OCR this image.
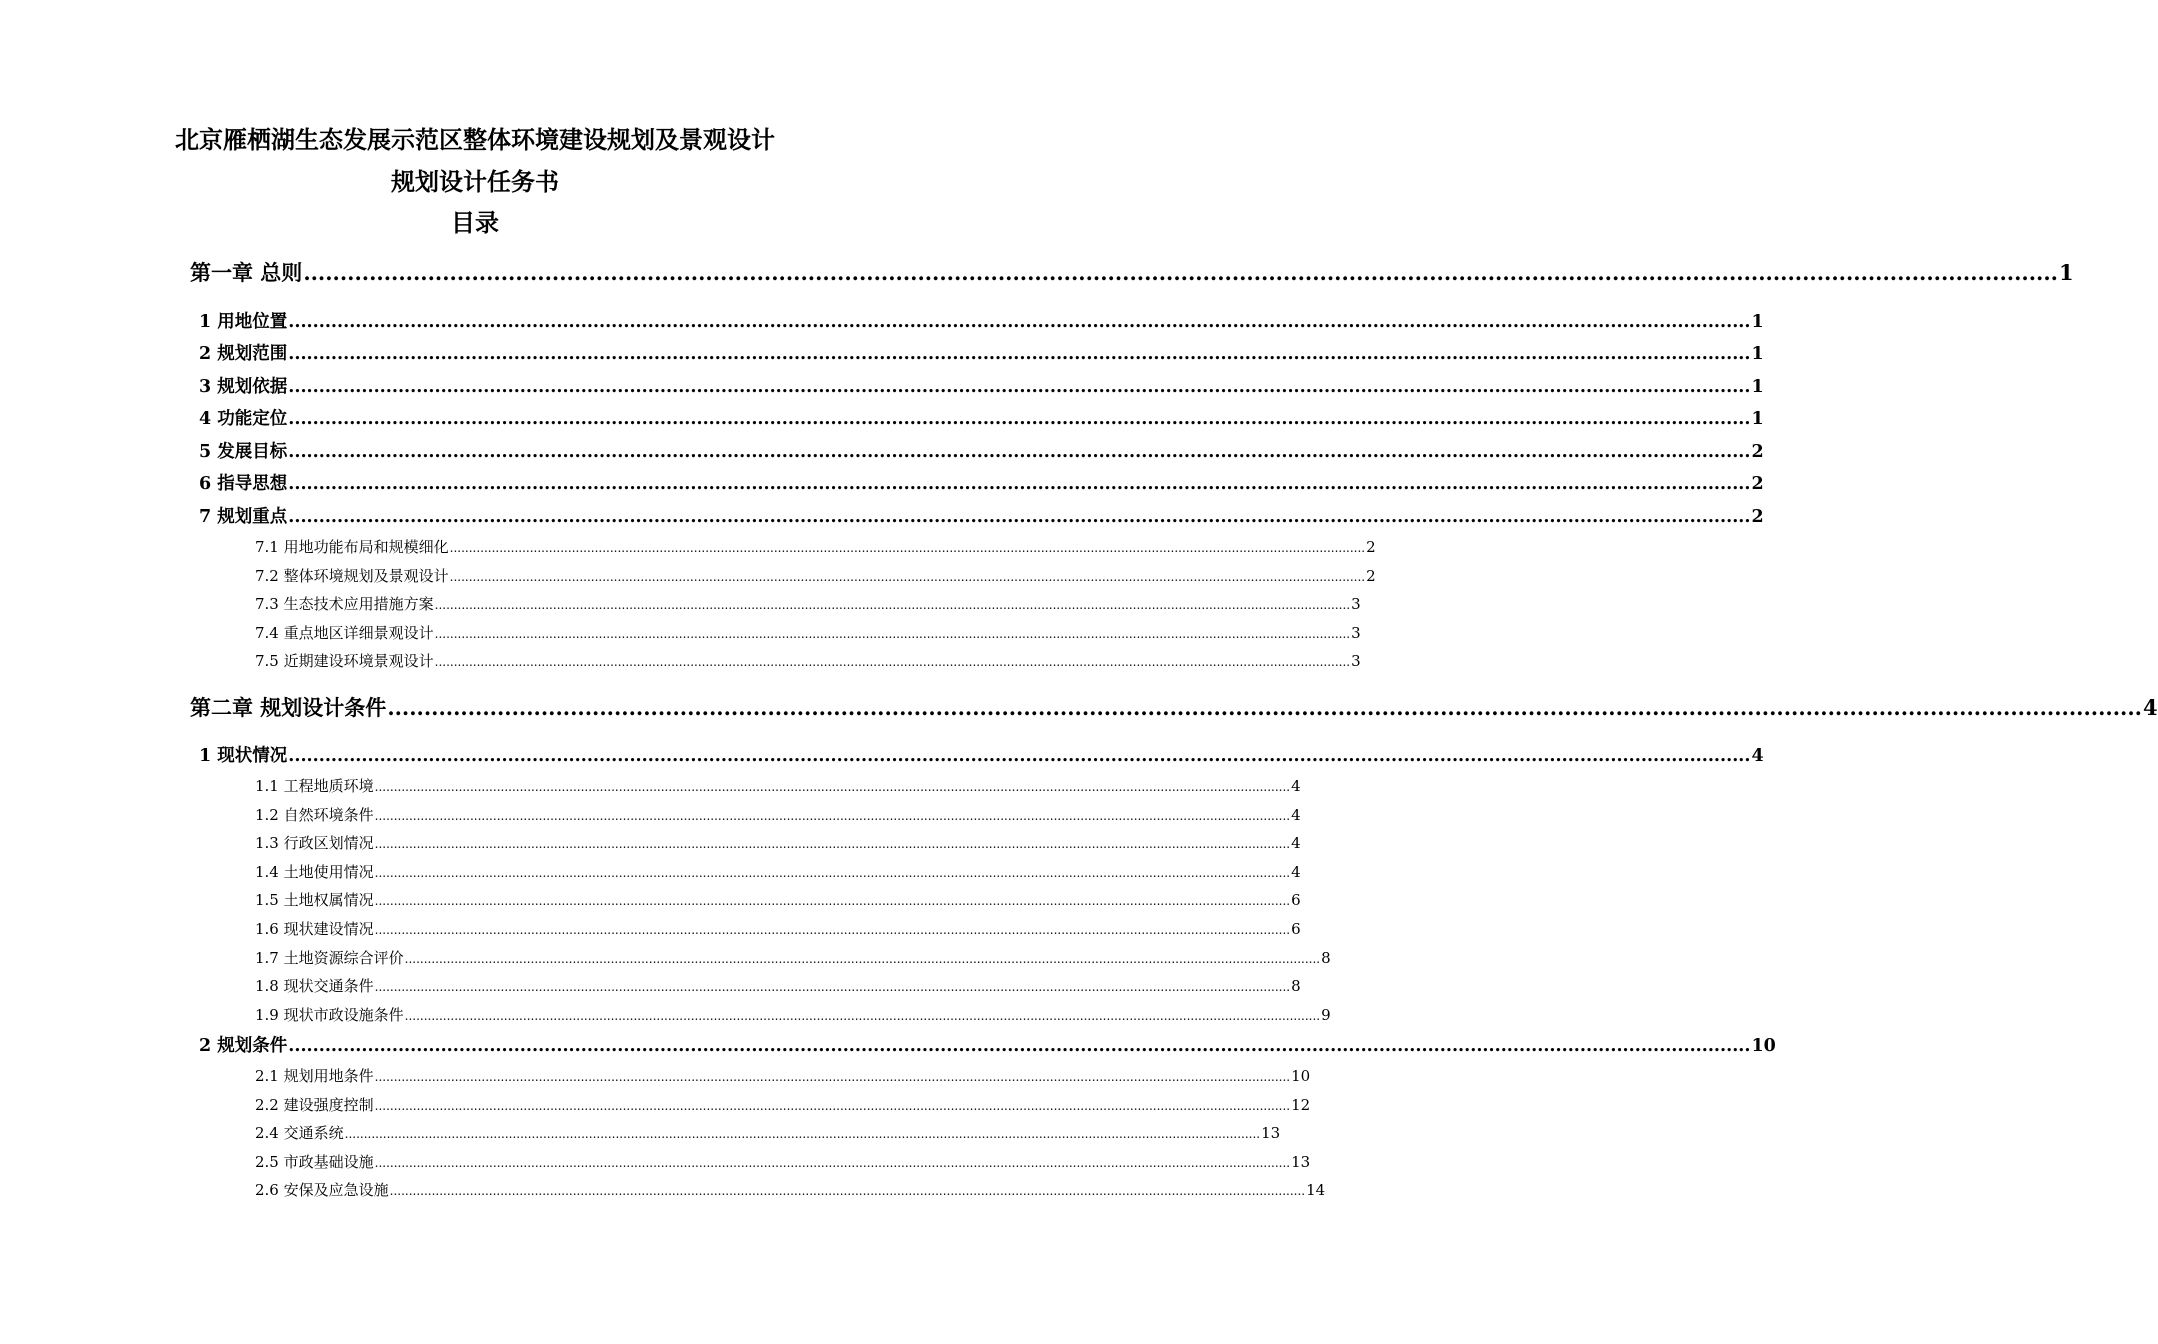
北京雁栖湖生态发展示范区整体环境建设规划及景观设计
规划设计任务书
目录
第一章 总则 ................................................................................................................................................................................................................................................ 1
1 用地位置 ................................................................................................................................................................................................................................................ 1
2 规划范围 ................................................................................................................................................................................................................................................ 1
3 规划依据 ................................................................................................................................................................................................................................................ 1
4 功能定位 ................................................................................................................................................................................................................................................ 1
5 发展目标 ................................................................................................................................................................................................................................................ 2
6 指导思想 ................................................................................................................................................................................................................................................ 2
7 规划重点 ................................................................................................................................................................................................................................................ 2
7.1 用地功能布局和规模细化 ................................................................................................................................................................................................................................................ 2
7.2 整体环境规划及景观设计 ................................................................................................................................................................................................................................................ 2
7.3 生态技术应用措施方案 ................................................................................................................................................................................................................................................ 3
7.4 重点地区详细景观设计 ................................................................................................................................................................................................................................................ 3
7.5 近期建设环境景观设计 ................................................................................................................................................................................................................................................ 3
第二章 规划设计条件 ................................................................................................................................................................................................................................................ 4
1 现状情况 ................................................................................................................................................................................................................................................ 4
1.1 工程地质环境 ................................................................................................................................................................................................................................................ 4
1.2 自然环境条件 ................................................................................................................................................................................................................................................ 4
1.3 行政区划情况 ................................................................................................................................................................................................................................................ 4
1.4 土地使用情况 ................................................................................................................................................................................................................................................ 4
1.5 土地权属情况 ................................................................................................................................................................................................................................................ 6
1.6 现状建设情况 ................................................................................................................................................................................................................................................ 6
1.7 土地资源综合评价 ................................................................................................................................................................................................................................................ 8
1.8 现状交通条件 ................................................................................................................................................................................................................................................ 8
1.9 现状市政设施条件 ................................................................................................................................................................................................................................................ 9
2 规划条件 ................................................................................................................................................................................................................................................ 10
2.1 规划用地条件 ................................................................................................................................................................................................................................................ 10
2.2 建设强度控制 ................................................................................................................................................................................................................................................ 12
2.4 交通系统 ................................................................................................................................................................................................................................................ 13
2.5 市政基础设施 ................................................................................................................................................................................................................................................ 13
2.6 安保及应急设施 ................................................................................................................................................................................................................................................ 14
